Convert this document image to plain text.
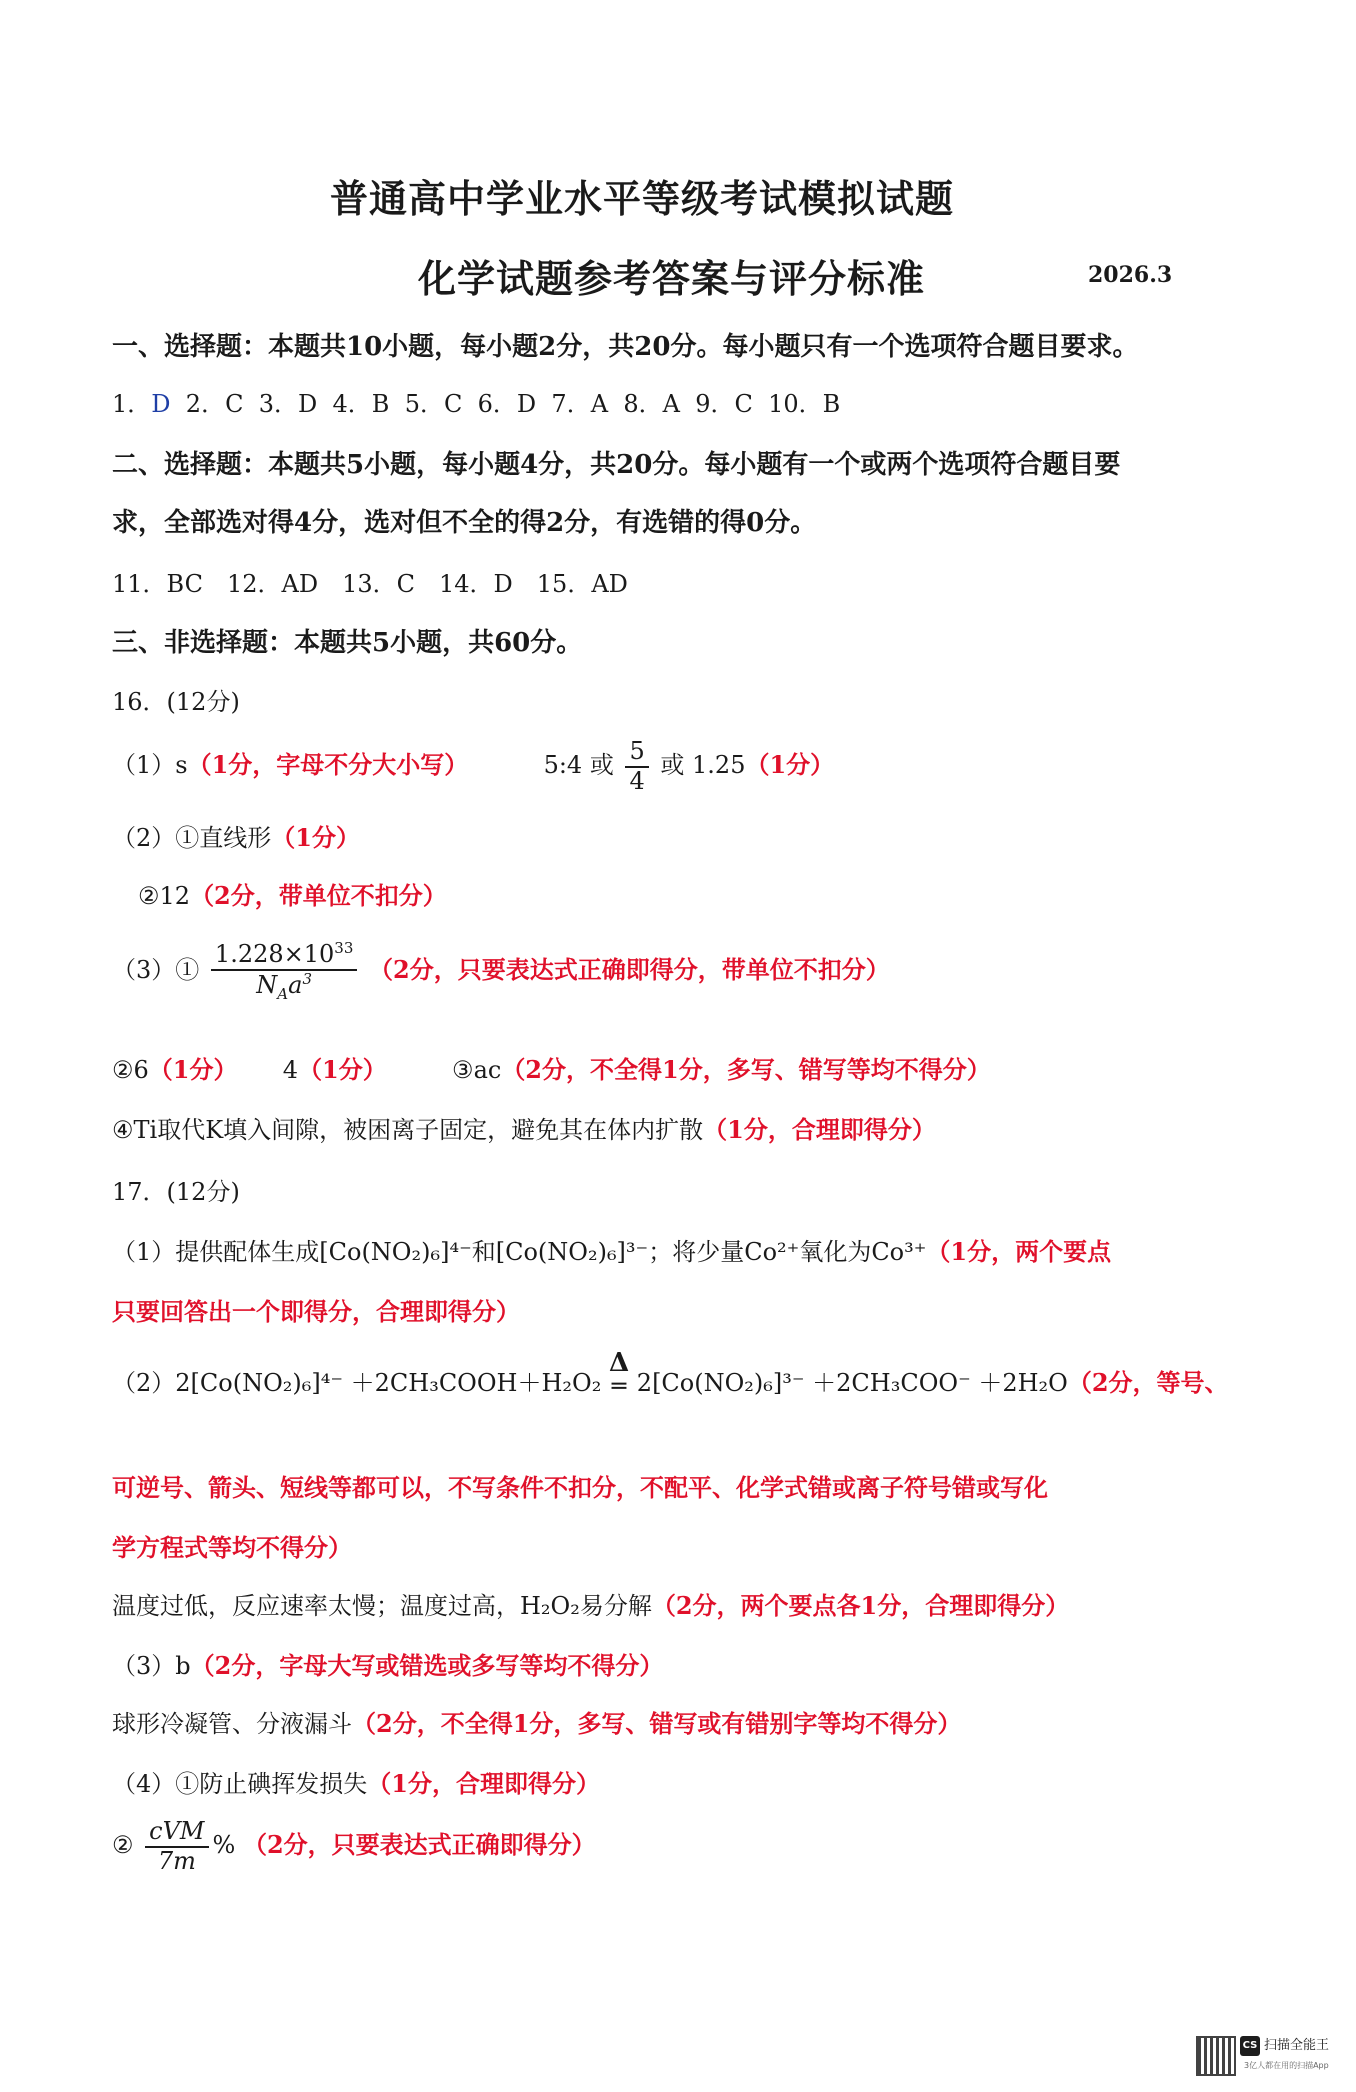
普通高中学业水平等级考试模拟试题
化学试题参考答案与评分标准	2026.3
一、选择题：本题共10小题，每小题2分，共20分。每小题只有一个选项符合题目要求。
1．D 2．C 3．D 4．B 5．C 6．D 7．A 8．A 9．C 10．B
二、选择题：本题共5小题，每小题4分，共20分。每小题有一个或两个选项符合题目要
求，全部选对得4分，选对但不全的得2分，有选错的得0分。
11．BC　12．AD　13．C　14．D　15．AD
三、非选择题：本题共5小题，共60分。
16．(12分)
（1）s（1分，字母不分大小写）	5:4 或 $\frac{5}{4}$ 或 1.25（1分）
（2）①直线形（1分）
②12（2分，带单位不扣分）
（3）① $\frac{1.228\times 10^{33}}{N_Aa^3} (2$分，只要表达式正确即得分，带单位不扣分）
②6（1分） 4（1分）	③ac（2分，不全得1分，多写、错写等均不得分）
④Ti取代K填入间隙，被困离子固定，避免其在体内扩散（1分，合理即得分）
17．(12分)
（1）提供配体生成[Co(NO₂)₆]⁴⁻和[Co(NO₂)₆]³⁻；将少量Co²⁺氧化为Co³⁺（1分，两个要点
只要回答出一个即得分，合理即得分）
（2）2[Co(NO₂)₆]⁴⁻ ＋2CH₃COOH＋H₂O₂
Δ
═ 2[Co(NO₂)₆]³⁻ ＋2CH₃COO⁻ ＋2H₂O（2分，等号、
可逆号、箭头、短线等都可以，不写条件不扣分，不配平、化学式错或离子符号错或写化
学方程式等均不得分）
温度过低，反应速率太慢；温度过高，H₂O₂易分解（2分，两个要点各1分，合理即得分）
（3）b（2分，字母大写或错选或多写等均不得分）
球形冷凝管、分液漏斗（2分，不全得1分，多写、错写或有错别字等均不得分）
（4）①防止碘挥发损失（1分，合理即得分）
② $\frac{\text{cVM}}{7m}$ % （2分，只要表达式正确即得分）
CS 扫描全能王
3亿人都在用的扫描App
